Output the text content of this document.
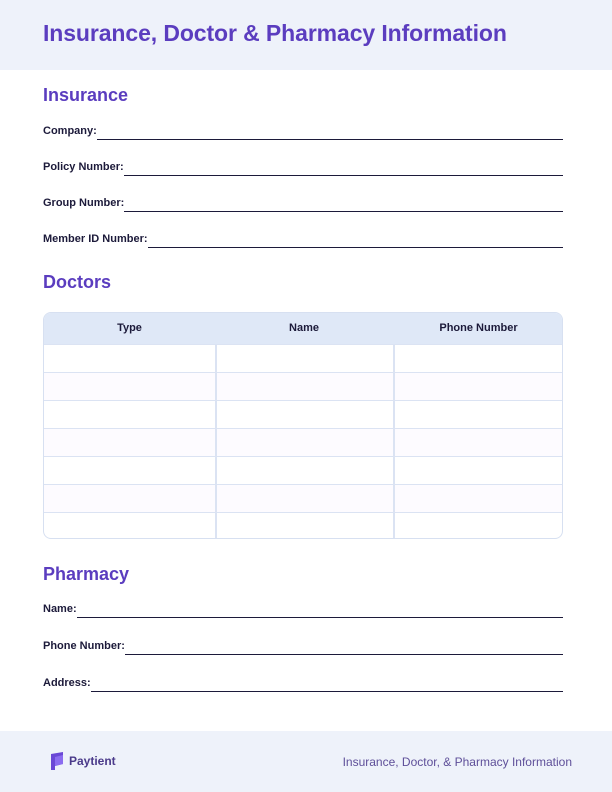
Insurance, Doctor & Pharmacy Information
Insurance
Company:
Policy Number:
Group Number:
Member ID Number:
Doctors
Type	Name	Phone Number
Pharmacy
Name:
Phone Number:
Address:
Paytient	Insurance, Doctor, & Pharmacy Information
